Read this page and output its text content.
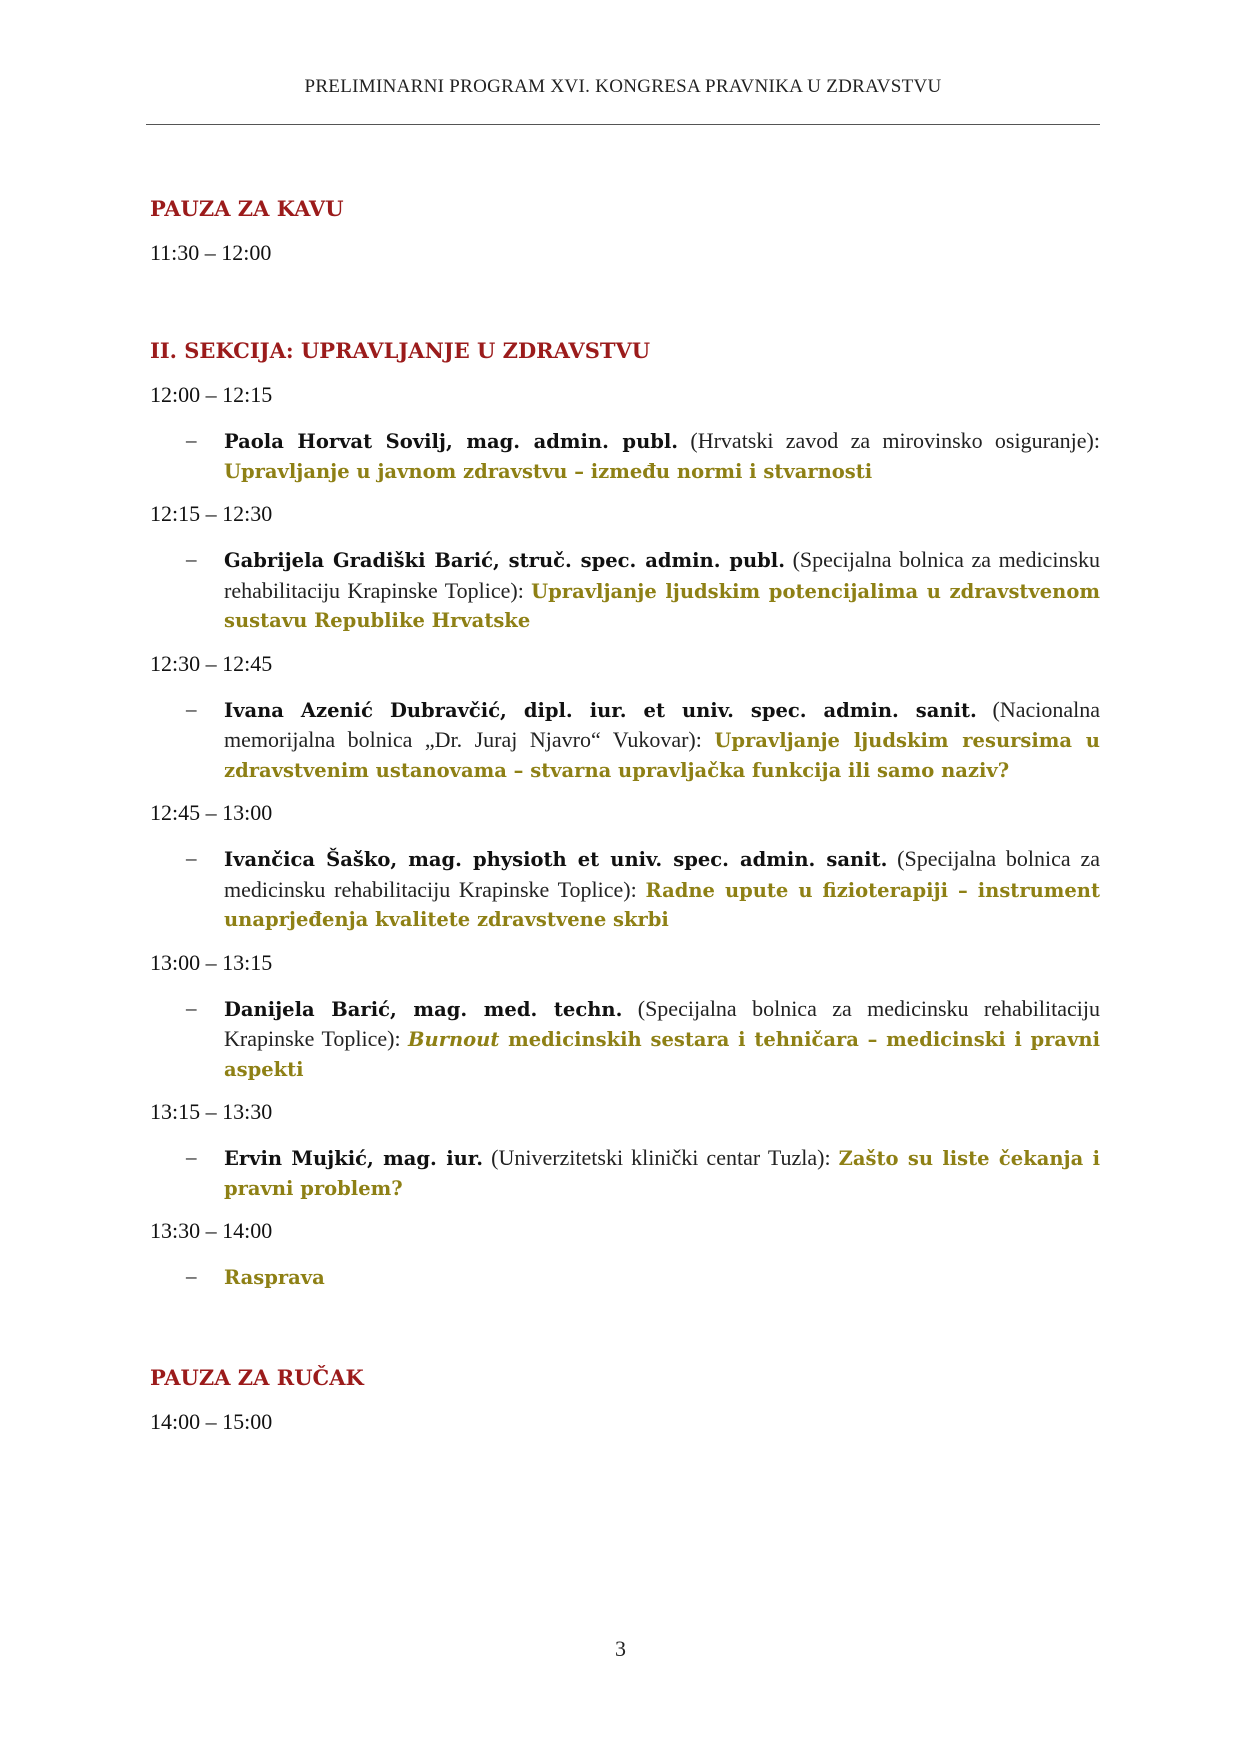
PRELIMINARNI PROGRAM XVI. KONGRESA PRAVNIKA U ZDRAVSTVU
PAUZA ZA KAVU

11:30 – 12:00

II. SEKCIJA: UPRAVLJANJE U ZDRAVSTVU

12:00 – 12:15

– Paola Horvat Sovilj, mag. admin. publ. (Hrvatski zavod za mirovinsko osiguranje): Upravljanje u javnom zdravstvu – između normi i stvarnosti

12:15 – 12:30

– Gabrijela Gradiški Barić, struč. spec. admin. publ. (Specijalna bolnica za medicinsku rehabilitaciju Krapinske Toplice): Upravljanje ljudskim potencijalima u zdravstvenom sustavu Republike Hrvatske

12:30 – 12:45

– Ivana Azenić Dubravčić, dipl. iur. et univ. spec. admin. sanit. (Nacionalna memorijalna bolnica „Dr. Juraj Njavro“ Vukovar): Upravljanje ljudskim resursima u zdravstvenim ustanovama – stvarna upravljačka funkcija ili samo naziv?

12:45 – 13:00

– Ivančica Šaško, mag. physioth et univ. spec. admin. sanit. (Specijalna bolnica za medicinsku rehabilitaciju Krapinske Toplice): Radne upute u fizioterapiji – instrument unaprjeđenja kvalitete zdravstvene skrbi

13:00 – 13:15

– Danijela Barić, mag. med. techn. (Specijalna bolnica za medicinsku rehabilitaciju Krapinske Toplice): Burnout medicinskih sestara i tehničara – medicinski i pravni aspekti

13:15 – 13:30

– Ervin Mujkić, mag. iur. (Univerzitetski klinički centar Tuzla): Zašto su liste čekanja i pravni problem?

13:30 – 14:00

– Rasprava

PAUZA ZA RUČAK

14:00 – 15:00

3
